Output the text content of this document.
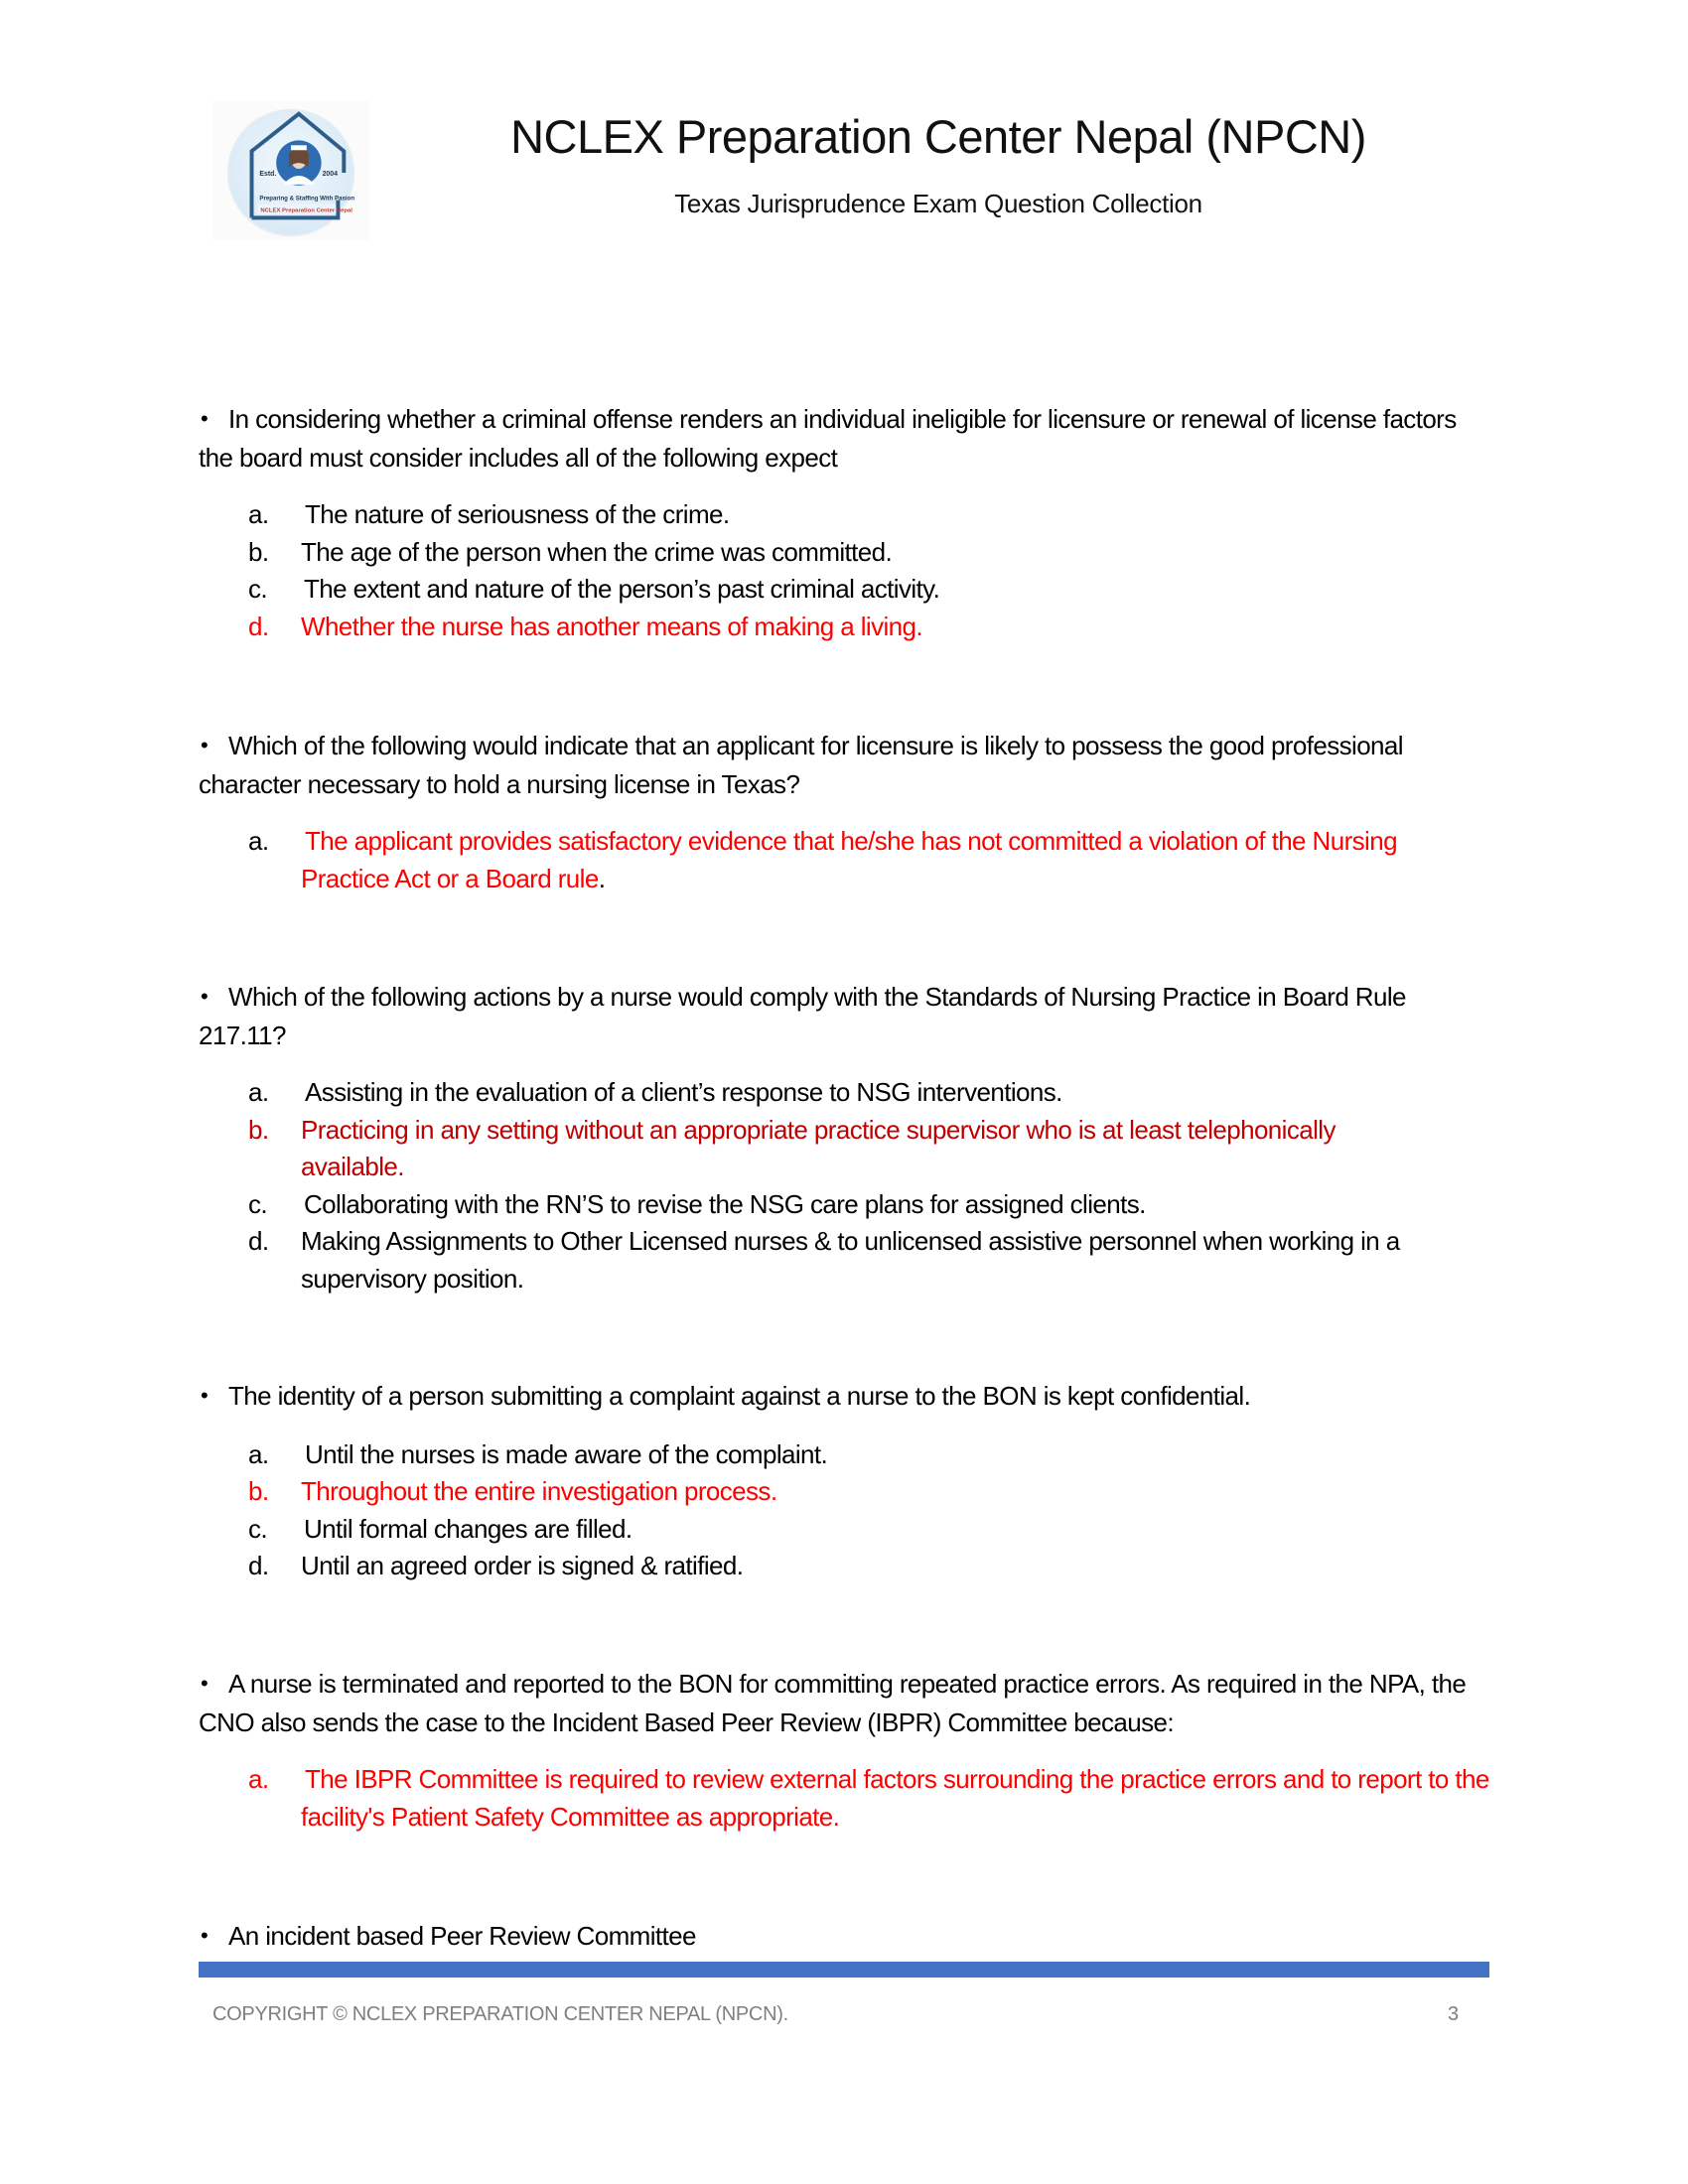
Estd.	2004
Preparing & Staffing With Pasion
NCLEX Preparation Center Nepal
NCLEX Preparation Center Nepal (NPCN)
Texas Jurisprudence Exam Question Collection
• In considering whether a criminal offense renders an individual ineligible for licensure or renewal of license factors the board must consider includes all of the following expect
a. The nature of seriousness of the crime.
b. The age of the person when the crime was committed.
c. The extent and nature of the person’s past criminal activity.
d. Whether the nurse has another means of making a living.
• Which of the following would indicate that an applicant for licensure is likely to possess the good professional character necessary to hold a nursing license in Texas?
a. The applicant provides satisfactory evidence that he/she has not committed a violation of the Nursing Practice Act or a Board rule.
• Which of the following actions by a nurse would comply with the Standards of Nursing Practice in Board Rule 217.11?
a. Assisting in the evaluation of a client’s response to NSG interventions.
b. Practicing in any setting without an appropriate practice supervisor who is at least telephonically available.
c. Collaborating with the RN’S to revise the NSG care plans for assigned clients.
d. Making Assignments to Other Licensed nurses & to unlicensed assistive personnel when working in a supervisory position.
• The identity of a person submitting a complaint against a nurse to the BON is kept confidential.
a. Until the nurses is made aware of the complaint.
b. Throughout the entire investigation process.
c. Until formal changes are filled.
d. Until an agreed order is signed & ratified.
• A nurse is terminated and reported to the BON for committing repeated practice errors. As required in the NPA, the CNO also sends the case to the Incident Based Peer Review (IBPR) Committee because:
a. The IBPR Committee is required to review external factors surrounding the practice errors and to report to the facility's Patient Safety Committee as appropriate.
• An incident based Peer Review Committee
COPYRIGHT © NCLEX PREPARATION CENTER NEPAL (NPCN).	3
